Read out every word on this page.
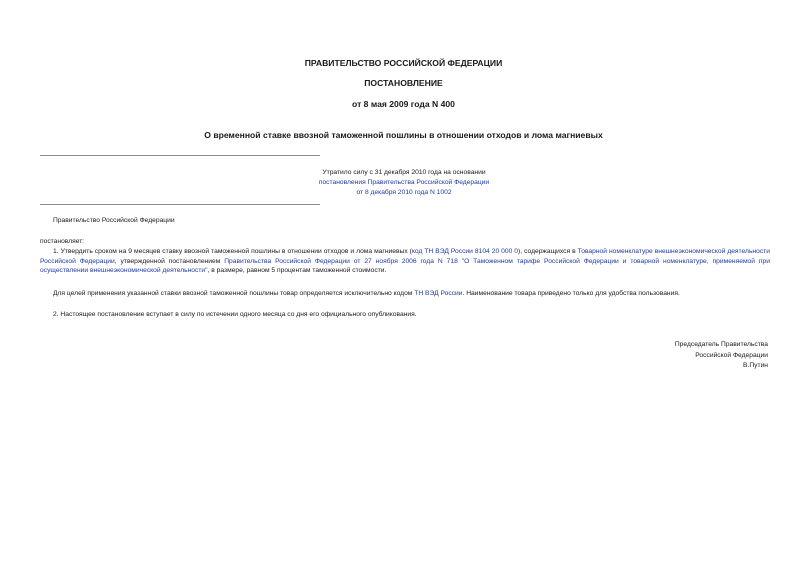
ПРАВИТЕЛЬСТВО РОССИЙСКОЙ ФЕДЕРАЦИИ
ПОСТАНОВЛЕНИЕ
от 8 мая 2009 года N 400
О временной ставке ввозной таможенной пошлины в отношении отходов и лома магниевых
Утратило силу с 31 декабря 2010 года на основании
постановления Правительства Российской Федерации
от 8 декабря 2010 года N 1002
Правительство Российской Федерации
постановляет:
1. Утвердить сроком на 9 месяцев ставку ввозной таможенной пошлины в отношении отходов и лома магниевых (код ТН ВЭД России 8104 20 000 0), содержащихся в Товарной номенклатуре внешнеэкономической деятельности Российской Федерации, утвержденной постановлением Правительства Российской Федерации от 27 ноября 2006 года N 718 "О Таможенном тарифе Российской Федерации и товарной номенклатуре, применяемой при осуществлении внешнеэкономической деятельности", в размере, равном 5 процентам таможенной стоимости.
Для целей применения указанной ставки ввозной таможенной пошлины товар определяется исключительно кодом ТН ВЭД России. Наименование товара приведено только для удобства пользования.
2. Настоящее постановление вступает в силу по истечении одного месяца со дня его официального опубликования.
Председатель Правительства
Российской Федерации
В.Путин
